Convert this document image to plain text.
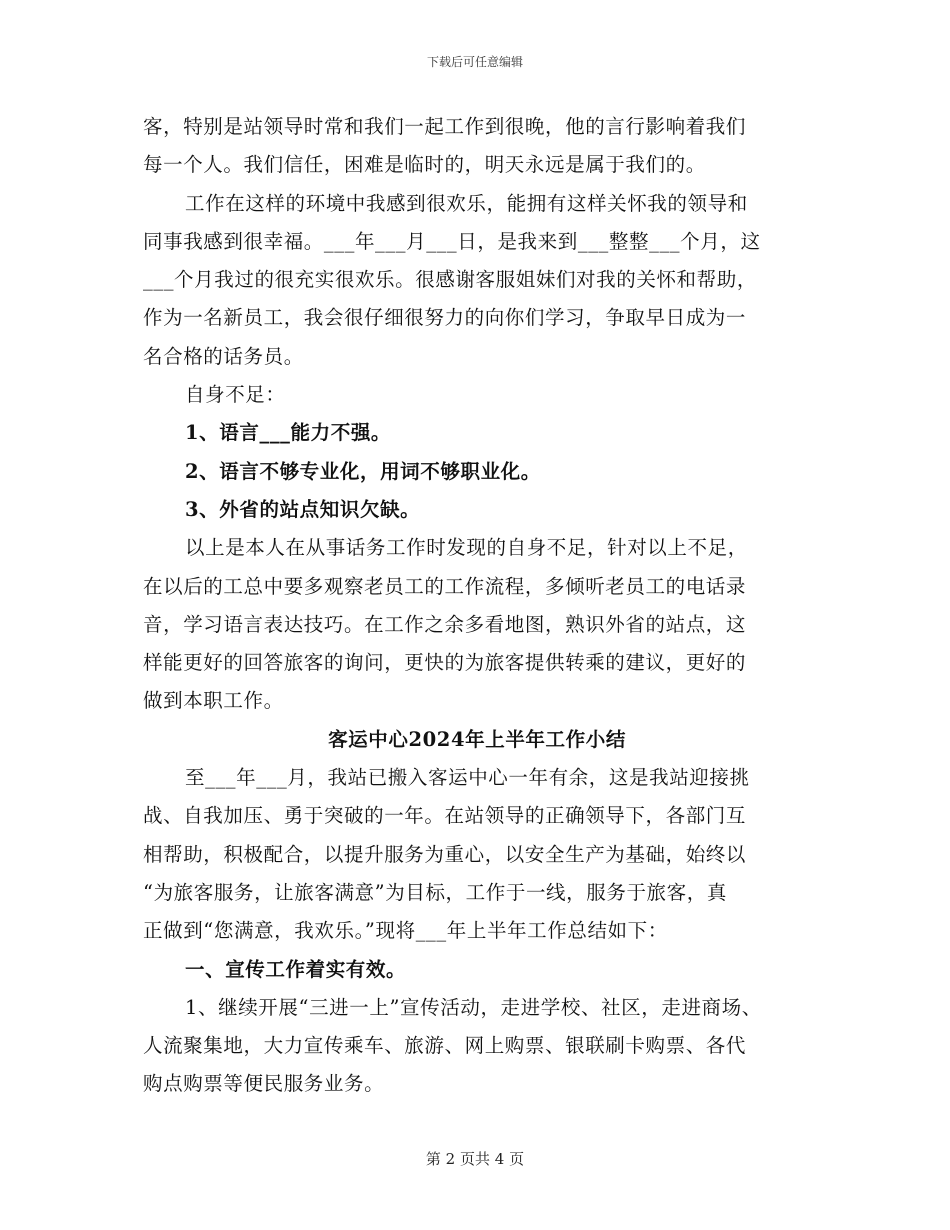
下载后可任意编辑

客，特别是站领导时常和我们一起工作到很晚，他的言行影响着我们

每一个人。我们信任，困难是临时的，明天永远是属于我们的。

工作在这样的环境中我感到很欢乐，能拥有这样关怀我的领导和

同事我感到很幸福。___年___月___日，是我来到___整整___个月，这

___个月我过的很充实很欢乐。很感谢客服姐妹们对我的关怀和帮助，

作为一名新员工，我会很仔细很努力的向你们学习，争取早日成为一

名合格的话务员。

自身不足：

1、语言___能力不强。

2、语言不够专业化，用词不够职业化。

3、外省的站点知识欠缺。

以上是本人在从事话务工作时发现的自身不足，针对以上不足，

在以后的工总中要多观察老员工的工作流程，多倾听老员工的电话录

音，学习语言表达技巧。在工作之余多看地图，熟识外省的站点，这

样能更好的回答旅客的询问，更快的为旅客提供转乘的建议，更好的

做到本职工作。

客运中心2024年上半年工作小结

至___年___月，我站已搬入客运中心一年有余，这是我站迎接挑

战、自我加压、勇于突破的一年。在站领导的正确领导下，各部门互

相帮助，积极配合，以提升服务为重心，以安全生产为基础，始终以

“为旅客服务，让旅客满意”为目标，工作于一线，服务于旅客，真

正做到“您满意，我欢乐。”现将___年上半年工作总结如下：

一、宣传工作着实有效。

1、继续开展“三进一上”宣传活动，走进学校、社区，走进商场、

人流聚集地，大力宣传乘车、旅游、网上购票、银联刷卡购票、各代

购点购票等便民服务业务。

第 2 页共 4 页
